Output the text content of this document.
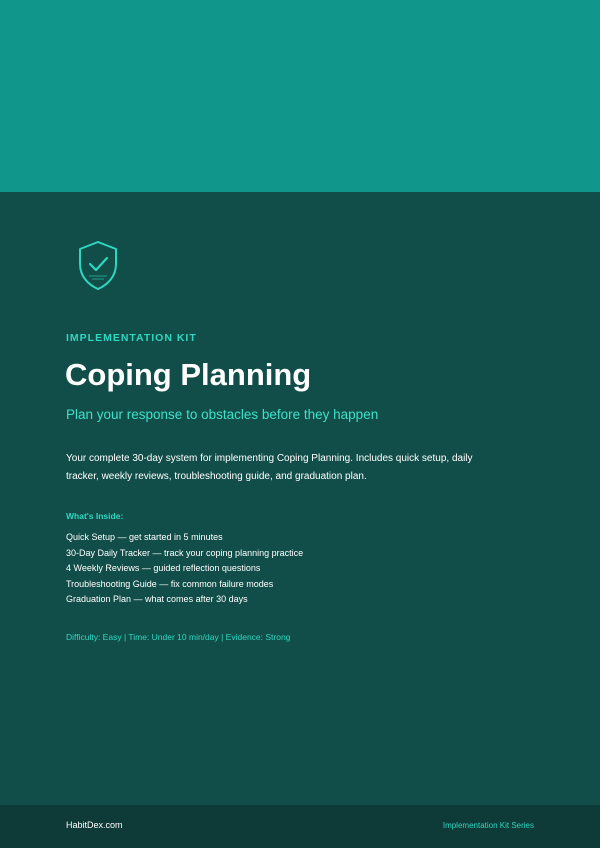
IMPLEMENTATION KIT
Coping Planning
Plan your response to obstacles before they happen
Your complete 30-day system for implementing Coping Planning. Includes quick setup, daily tracker, weekly reviews, troubleshooting guide, and graduation plan.
What's Inside:
Quick Setup — get started in 5 minutes
30-Day Daily Tracker — track your coping planning practice
4 Weekly Reviews — guided reflection questions
Troubleshooting Guide — fix common failure modes
Graduation Plan — what comes after 30 days
Difficulty: Easy | Time: Under 10 min/day | Evidence: Strong
HabitDex.com	Implementation Kit Series
